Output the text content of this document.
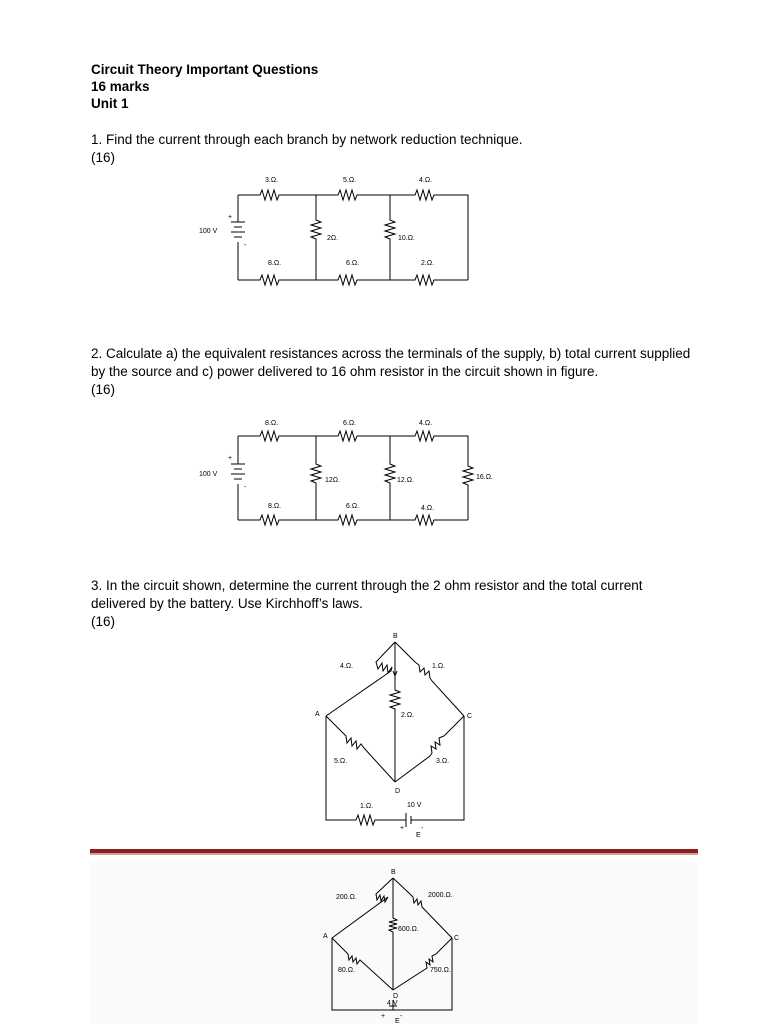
Circuit Theory Important Questions
16 marks
Unit 1

1. Find the current through each branch by network reduction technique.

(16)

+
100 V
-
3.Ω.	5.Ω.	4.Ω.
2Ω.	10.Ω.
8.Ω.	6.Ω.	2.Ω.

2. Calculate a) the equivalent resistances across the terminals of the supply, b) total current supplied by the source and c) power delivered to 16 ohm resistor in the circuit shown in figure.

(16)

+
100 V
-
8.Ω.	6.Ω.	4.Ω.
12Ω.	12.Ω.	16.Ω.
8.Ω.	6.Ω.	4.Ω.

3. In the circuit shown, determine the current through the 2 ohm resistor and the total current delivered by the battery. Use Kirchhoff’s laws.

(16)

B
A	C
D
E
4.Ω.	1.Ω.
2.Ω.
5.Ω.	3.Ω.
1.Ω.	10 V
+ -
B
A	C
D
E
200.Ω.	2000.Ω.
600.Ω.
80.Ω.	750.Ω.
4 V
+ -
